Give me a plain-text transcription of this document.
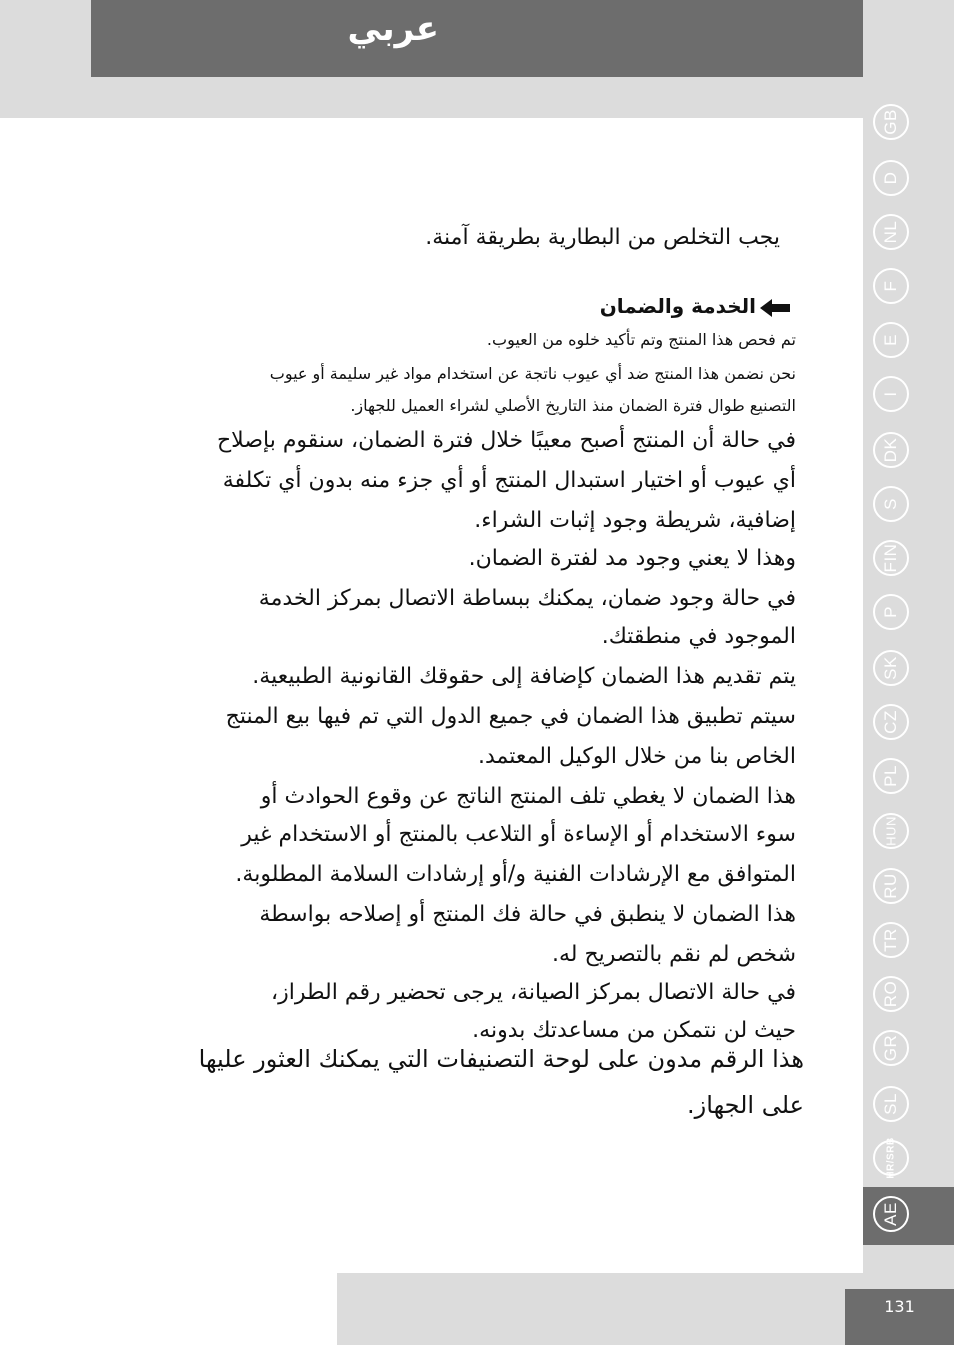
عربي
GB
D
NL
F
E
I
DK
S
FIN
P
SK
CZ
PL
HUN
RU
TR
RO
GR
SL
HR/SRB
AE
131
يجب التخلص من البطارية بطريقة آمنة.
الخدمة والضمان
تم فحص هذا المنتج وتم تأكيد خلوه من العيوب.
نحن نضمن هذا المنتج ضد أي عيوب ناتجة عن استخدام مواد غير سليمة أو عيوب
التصنيع طوال فترة الضمان منذ التاريخ الأصلي لشراء العميل للجهاز.
في حالة أن المنتج أصبح معيبًا خلال فترة الضمان، سنقوم بإصلاح
أي عيوب أو اختيار استبدال المنتج أو أي جزء منه بدون أي تكلفة
إضافية، شريطة وجود إثبات الشراء.
وهذا لا يعني وجود مد لفترة الضمان.
في حالة وجود ضمان، يمكنك ببساطة الاتصال بمركز الخدمة
الموجود في منطقتك.
يتم تقديم هذا الضمان كإضافة إلى حقوقك القانونية الطبيعية.
سيتم تطبيق هذا الضمان في جميع الدول التي تم فيها بيع المنتج
الخاص بنا من خلال الوكيل المعتمد.
هذا الضمان لا يغطي تلف المنتج الناتج عن وقوع الحوادث أو
سوء الاستخدام أو الإساءة أو التلاعب بالمنتج أو الاستخدام غير
المتوافق مع الإرشادات الفنية و/أو إرشادات السلامة المطلوبة.
هذا الضمان لا ينطبق في حالة فك المنتج أو إصلاحه بواسطة
شخص لم نقم بالتصريح له.
في حالة الاتصال بمركز الصيانة، يرجى تحضير رقم الطراز،
حيث لن نتمكن من مساعدتك بدونه.
هذا الرقم مدون على لوحة التصنيفات التي يمكنك العثور عليها
على الجهاز.
